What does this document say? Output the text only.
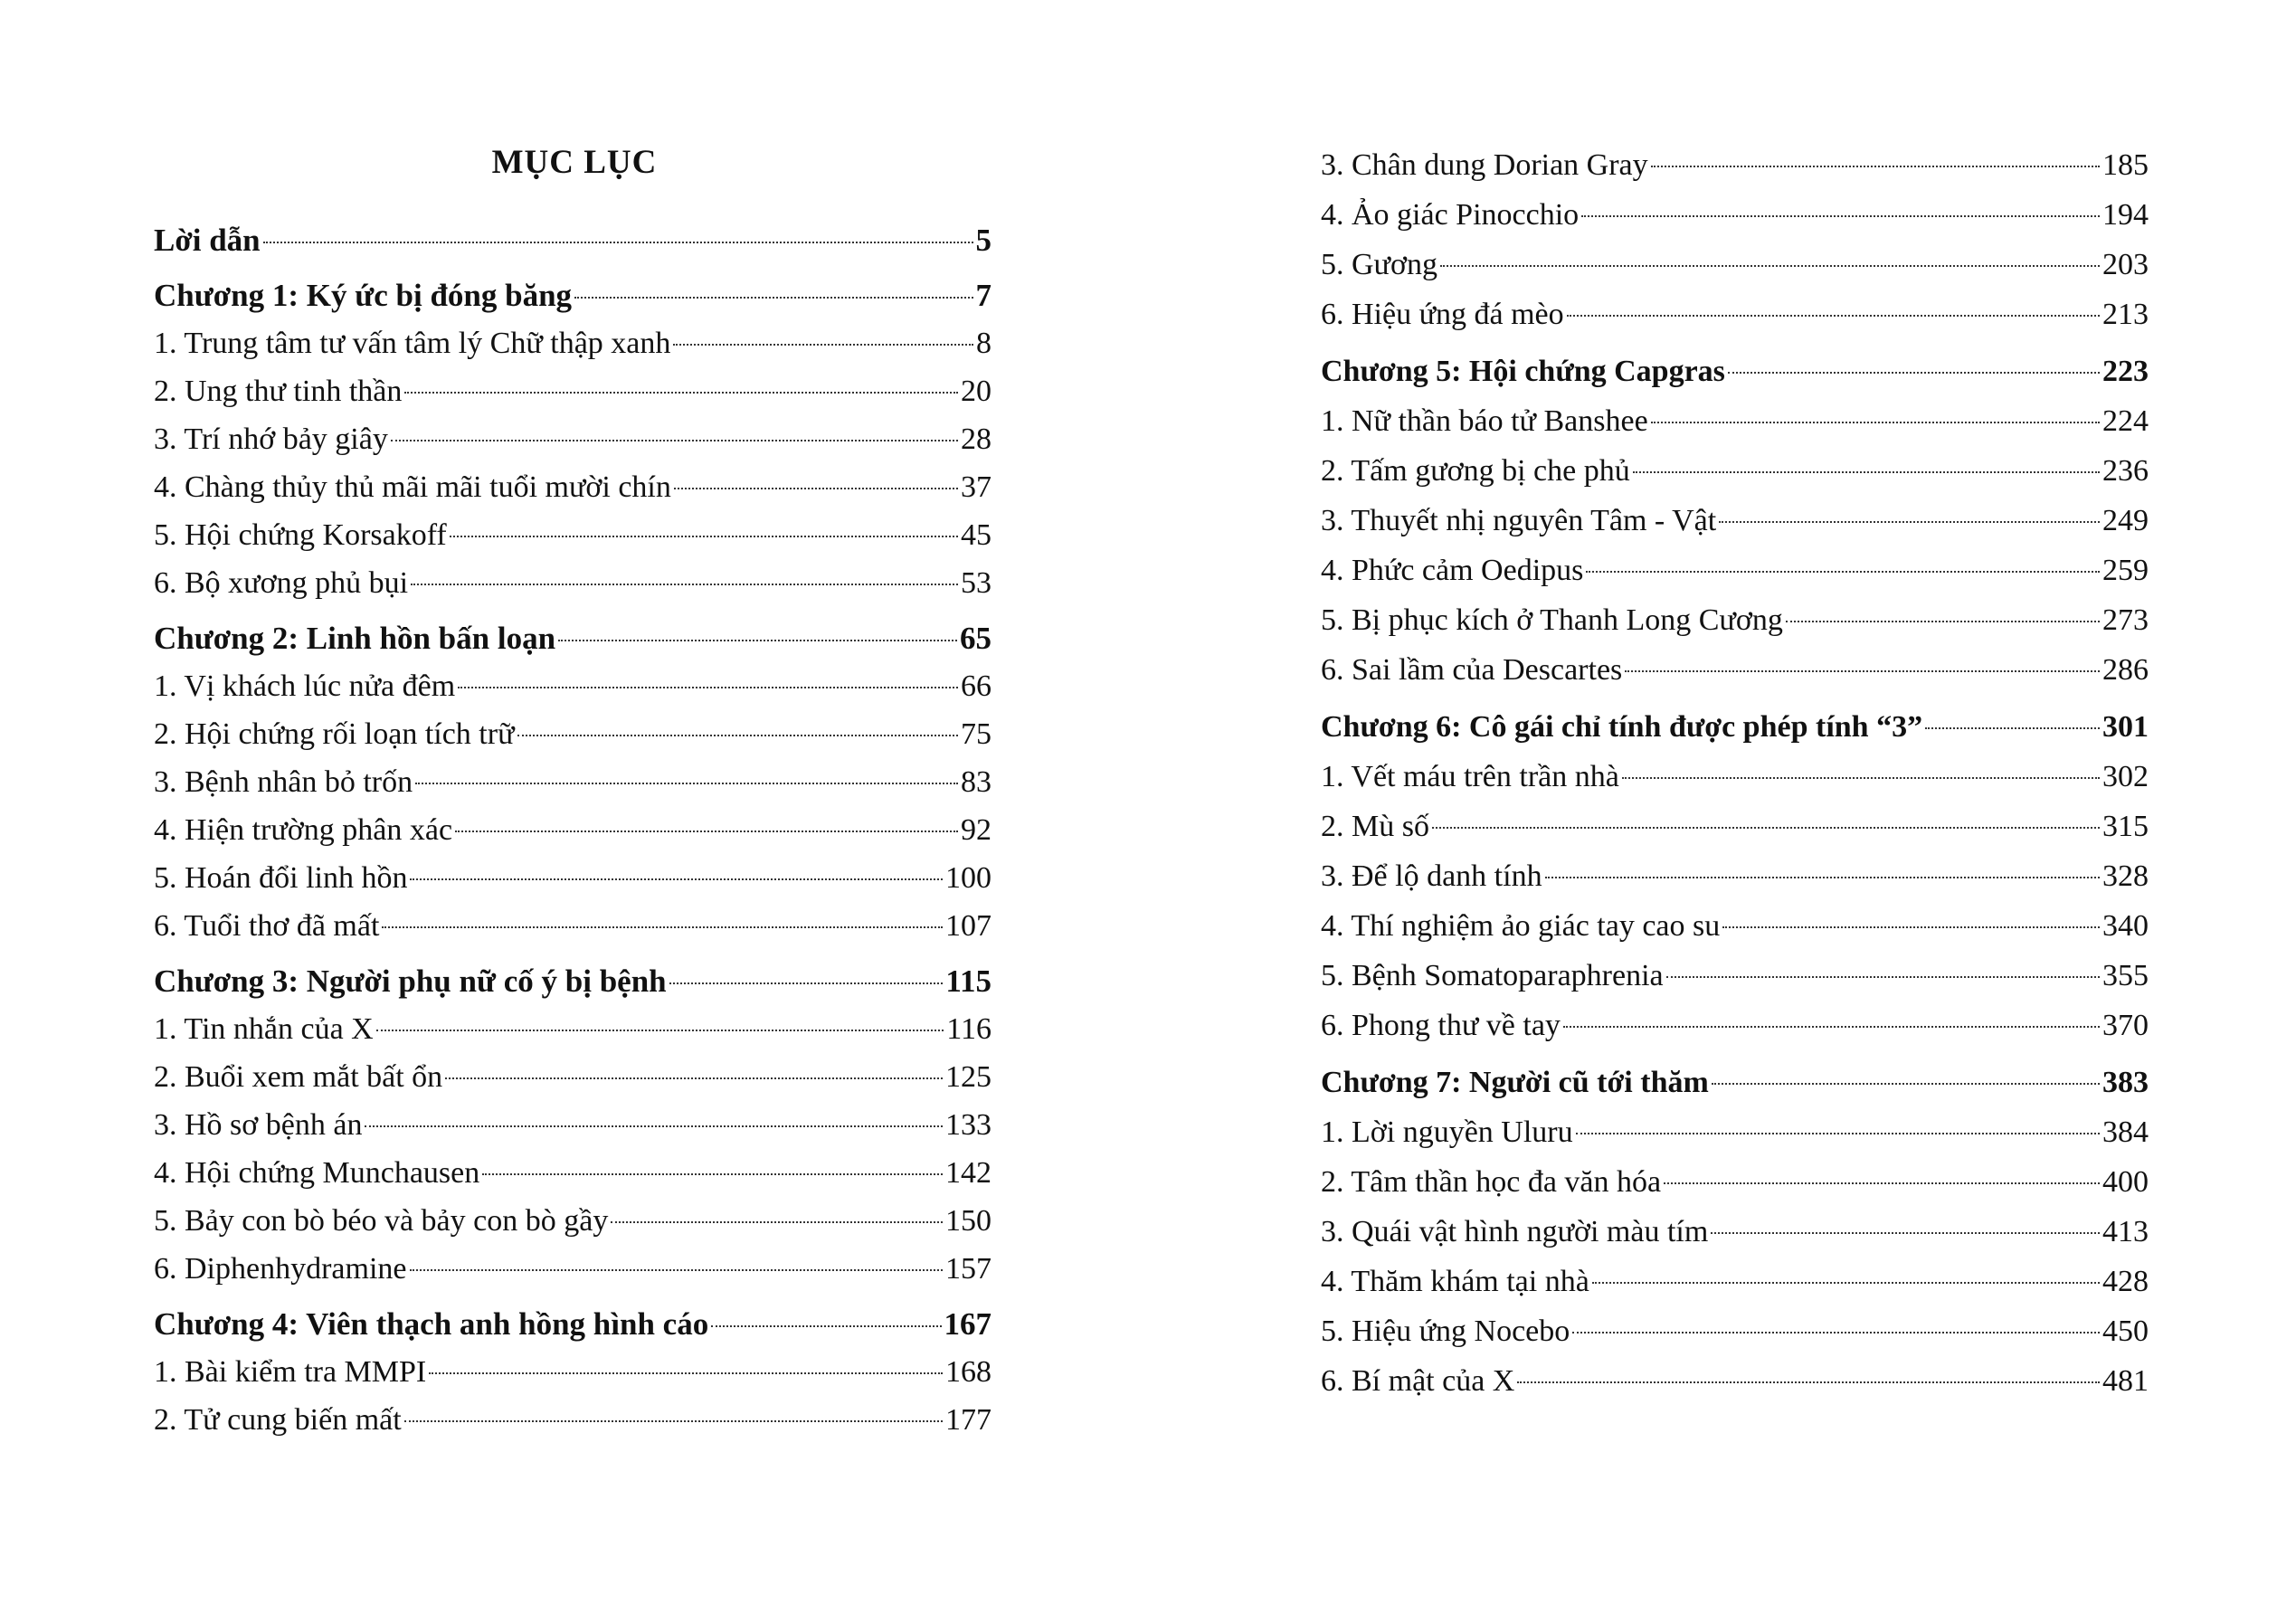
MỤC LỤC
Lời dẫn	5
Chương 1: Ký ức bị đóng băng	7
1. Trung tâm tư vấn tâm lý Chữ thập xanh	8
2. Ung thư tinh thần	20
3. Trí nhớ bảy giây	28
4. Chàng thủy thủ mãi mãi tuổi mười chín	37
5. Hội chứng Korsakoff	45
6. Bộ xương phủ bụi	53
Chương 2: Linh hồn bấn loạn	65
1. Vị khách lúc nửa đêm	66
2. Hội chứng rối loạn tích trữ	75
3. Bệnh nhân bỏ trốn	83
4. Hiện trường phân xác	92
5. Hoán đổi linh hồn	100
6. Tuổi thơ đã mất	107
Chương 3: Người phụ nữ cố ý bị bệnh	115
1. Tin nhắn của X	116
2. Buổi xem mắt bất ổn	125
3. Hồ sơ bệnh án	133
4. Hội chứng Munchausen	142
5. Bảy con bò béo và bảy con bò gầy	150
6. Diphenhydramine	157
Chương 4: Viên thạch anh hồng hình cáo	167
1. Bài kiểm tra MMPI	168
2. Tử cung biến mất	177
3. Chân dung Dorian Gray	185
4. Ảo giác Pinocchio	194
5. Gương	203
6. Hiệu ứng đá mèo	213
Chương 5: Hội chứng Capgras	223
1. Nữ thần báo tử Banshee	224
2. Tấm gương bị che phủ	236
3. Thuyết nhị nguyên Tâm - Vật	249
4. Phức cảm Oedipus	259
5. Bị phục kích ở Thanh Long Cương	273
6. Sai lầm của Descartes	286
Chương 6: Cô gái chỉ tính được phép tính “3”	301
1. Vết máu trên trần nhà	302
2. Mù số	315
3. Để lộ danh tính	328
4. Thí nghiệm ảo giác tay cao su	340
5. Bệnh Somatoparaphrenia	355
6. Phong thư về tay	370
Chương 7: Người cũ tới thăm	383
1. Lời nguyền Uluru	384
2. Tâm thần học đa văn hóa	400
3. Quái vật hình người màu tím	413
4. Thăm khám tại nhà	428
5. Hiệu ứng Nocebo	450
6. Bí mật của X	481
